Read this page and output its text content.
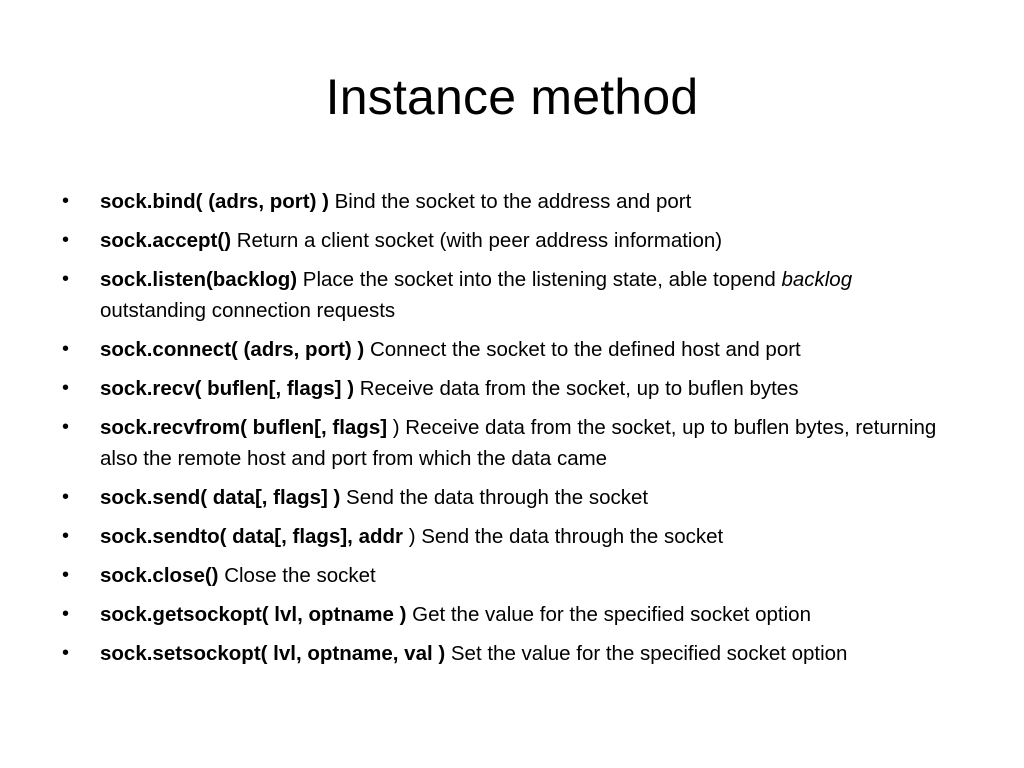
Instance method
•	sock.bind( (adrs, port) ) Bind the socket to the address and port
•	sock.accept() Return a client socket (with peer address information)
•	sock.listen(backlog) Place the socket into the listening state, able topend backlog outstanding connection requests
•	sock.connect( (adrs, port) ) Connect the socket to the defined host and port
•	sock.recv( buflen[, flags] ) Receive data from the socket, up to buflen bytes
•	sock.recvfrom( buflen[, flags] ) Receive data from the socket, up to buflen bytes, returning also the remote host and port from which the data came
•	sock.send( data[, flags] ) Send the data through the socket
•	sock.sendto( data[, flags], addr ) Send the data through the socket
•	sock.close() Close the socket
•	sock.getsockopt( lvl, optname ) Get the value for the specified socket option
•	sock.setsockopt( lvl, optname, val ) Set the value for the specified socket option
